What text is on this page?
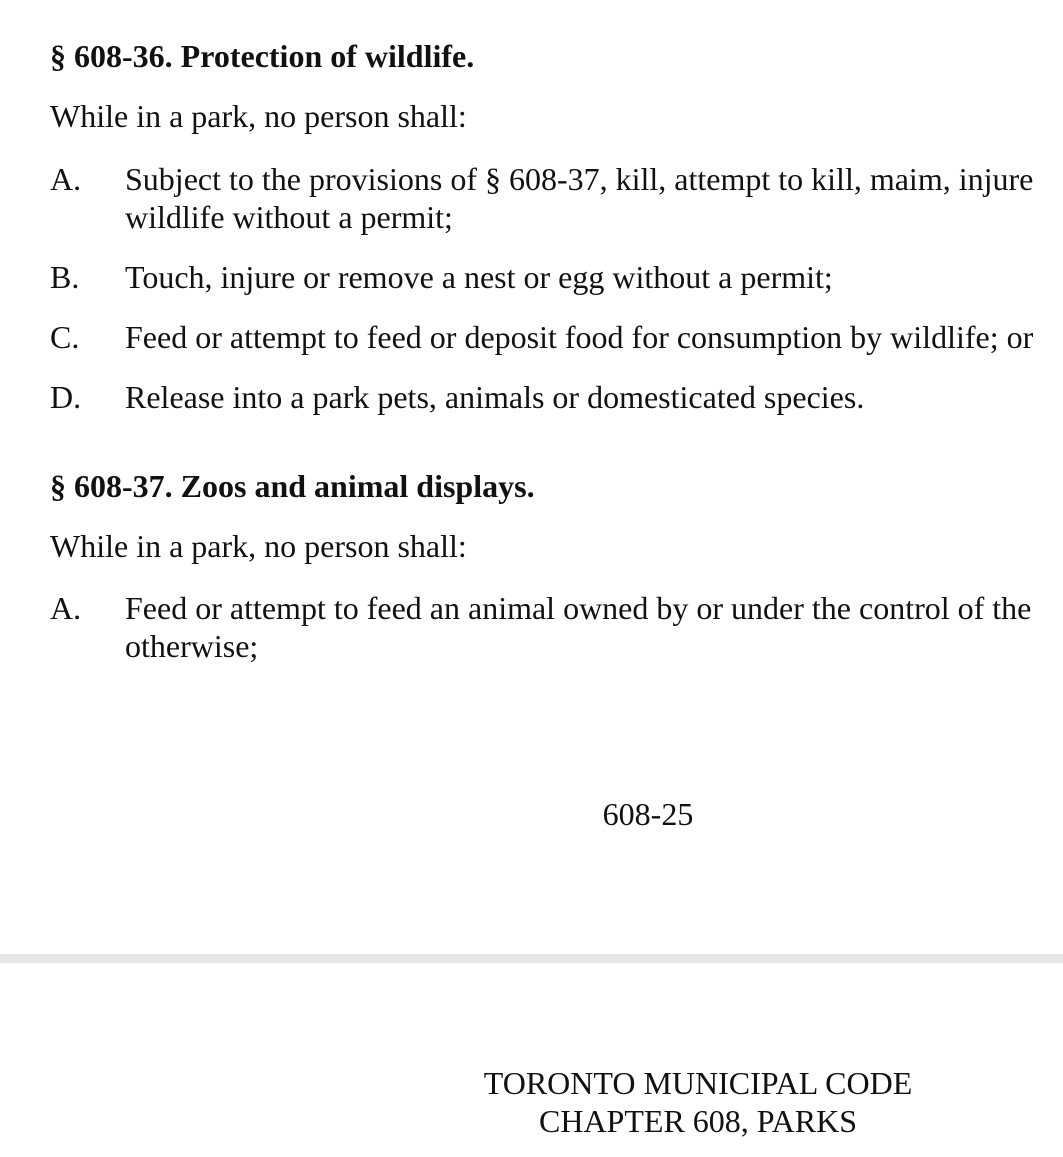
§ 608-36. Protection of wildlife.
While in a park, no person shall:
A. Subject to the provisions of § 608-37, kill, attempt to kill, maim, injure
wildlife without a permit;
B. Touch, injure or remove a nest or egg without a permit;
C. Feed or attempt to feed or deposit food for consumption by wildlife; or
D. Release into a park pets, animals or domesticated species.
§ 608-37. Zoos and animal displays.
While in a park, no person shall:
A. Feed or attempt to feed an animal owned by or under the control of the
otherwise;
608-25
TORONTO MUNICIPAL CODE
CHAPTER 608, PARKS
